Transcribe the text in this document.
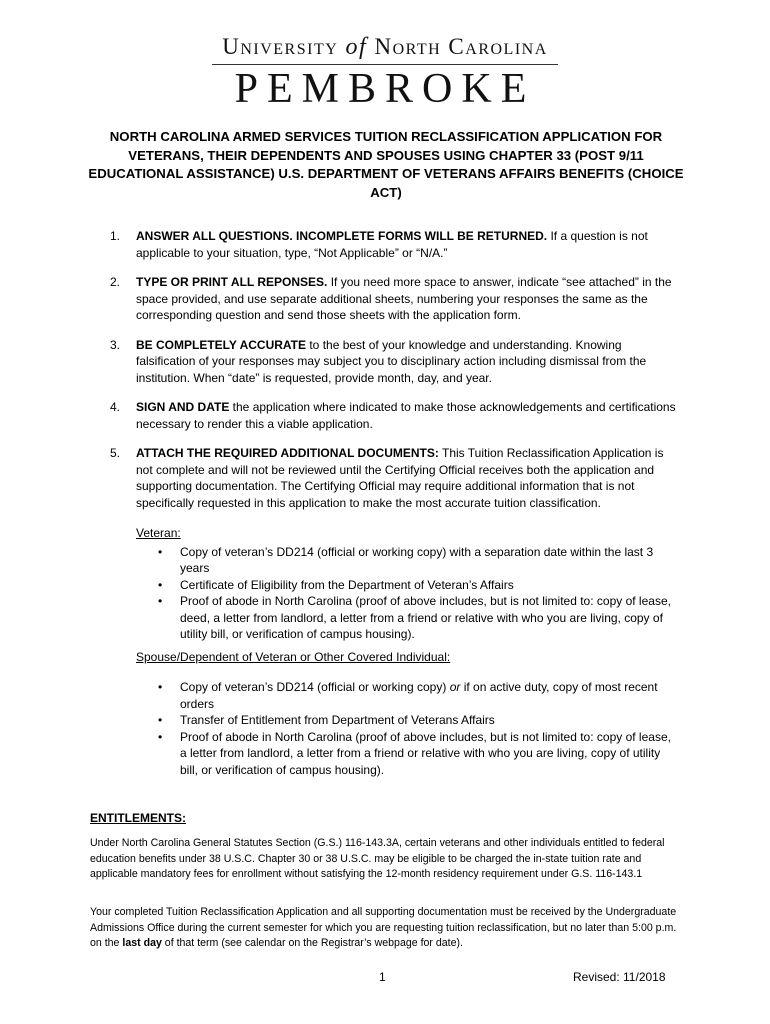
University of North Carolina
PEMBROKE
NORTH CAROLINA ARMED SERVICES TUITION RECLASSIFICATION APPLICATION FOR VETERANS, THEIR DEPENDENTS AND SPOUSES USING CHAPTER 33 (POST 9/11 EDUCATIONAL ASSISTANCE) U.S. DEPARTMENT OF VETERANS AFFAIRS BENEFITS (CHOICE ACT)
1. ANSWER ALL QUESTIONS. INCOMPLETE FORMS WILL BE RETURNED. If a question is not applicable to your situation, type, “Not Applicable” or “N/A.”
2. TYPE OR PRINT ALL REPONSES. If you need more space to answer, indicate “see attached” in the space provided, and use separate additional sheets, numbering your responses the same as the corresponding question and send those sheets with the application form.
3. BE COMPLETELY ACCURATE to the best of your knowledge and understanding. Knowing falsification of your responses may subject you to disciplinary action including dismissal from the institution. When “date” is requested, provide month, day, and year.
4. SIGN AND DATE the application where indicated to make those acknowledgements and certifications necessary to render this a viable application.
5. ATTACH THE REQUIRED ADDITIONAL DOCUMENTS: This Tuition Reclassification Application is not complete and will not be reviewed until the Certifying Official receives both the application and supporting documentation. The Certifying Official may require additional information that is not specifically requested in this application to make the most accurate tuition classification.
Veteran:
• Copy of veteran’s DD214 (official or working copy) with a separation date within the last 3 years
• Certificate of Eligibility from the Department of Veteran’s Affairs
• Proof of abode in North Carolina (proof of above includes, but is not limited to: copy of lease, deed, a letter from landlord, a letter from a friend or relative with who you are living, copy of utility bill, or verification of campus housing).
Spouse/Dependent of Veteran or Other Covered Individual:
• Copy of veteran’s DD214 (official or working copy) or if on active duty, copy of most recent orders
• Transfer of Entitlement from Department of Veterans Affairs
• Proof of abode in North Carolina (proof of above includes, but is not limited to: copy of lease, a letter from landlord, a letter from a friend or relative with who you are living, copy of utility bill, or verification of campus housing).
ENTITLEMENTS:
Under North Carolina General Statutes Section (G.S.) 116-143.3A, certain veterans and other individuals entitled to federal education benefits under 38 U.S.C. Chapter 30 or 38 U.S.C. may be eligible to be charged the in-state tuition rate and applicable mandatory fees for enrollment without satisfying the 12-month residency requirement under G.S. 116-143.1
Your completed Tuition Reclassification Application and all supporting documentation must be received by the Undergraduate Admissions Office during the current semester for which you are requesting tuition reclassification, but no later than 5:00 p.m. on the last day of that term (see calendar on the Registrar’s webpage for date).
1	Revised: 11/2018
